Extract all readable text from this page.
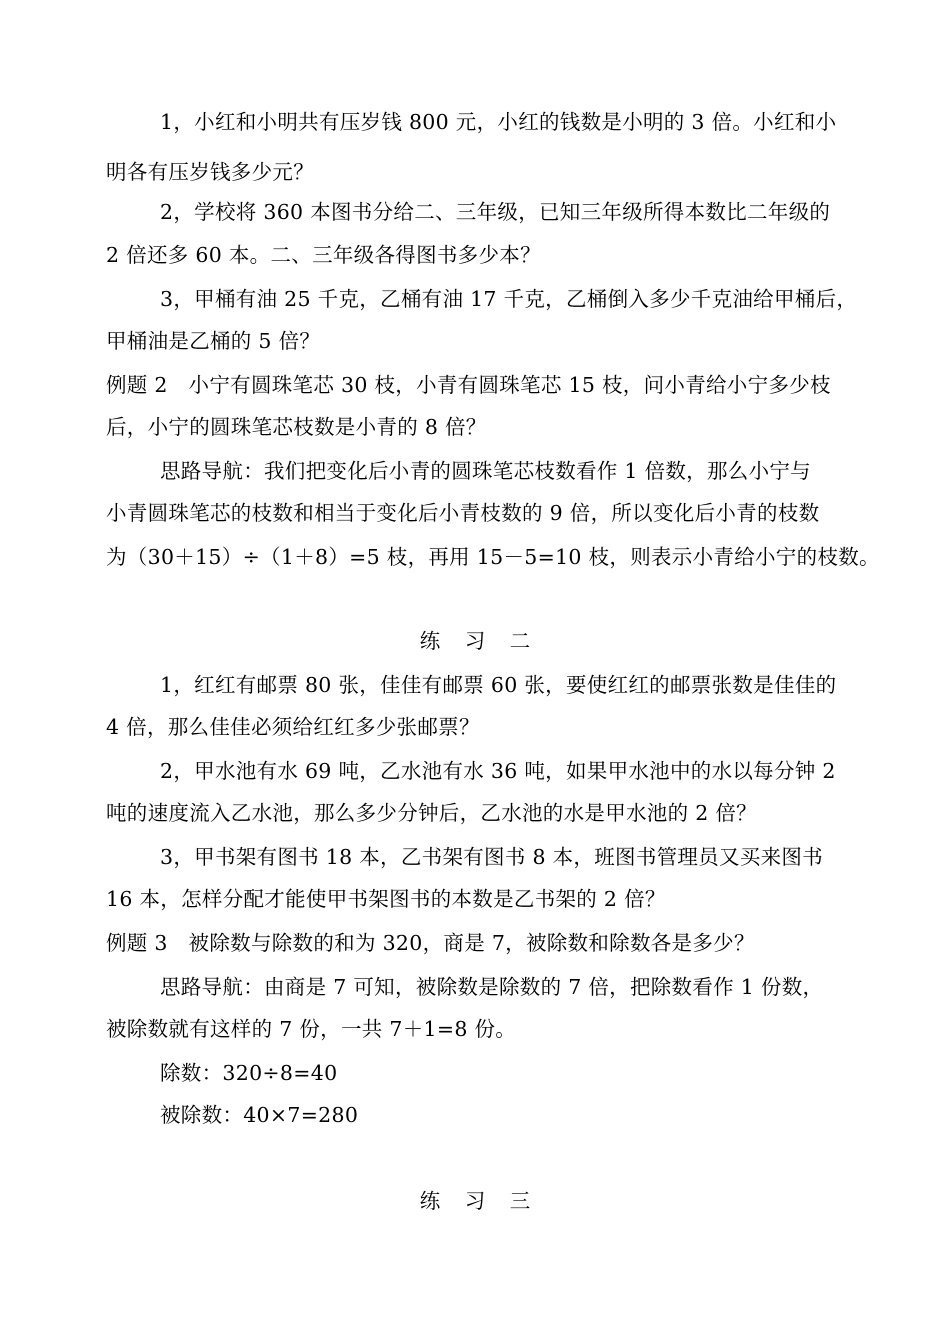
1，小红和小明共有压岁钱 800 元，小红的钱数是小明的 3 倍。小红和小
明各有压岁钱多少元？
2，学校将 360 本图书分给二、三年级，已知三年级所得本数比二年级的
2 倍还多 60 本。二、三年级各得图书多少本？
3，甲桶有油 25 千克，乙桶有油 17 千克，乙桶倒入多少千克油给甲桶后，
甲桶油是乙桶的 5 倍？
例题 2　小宁有圆珠笔芯 30 枝，小青有圆珠笔芯 15 枝，问小青给小宁多少枝
后，小宁的圆珠笔芯枝数是小青的 8 倍？
思路导航：我们把变化后小青的圆珠笔芯枝数看作 1 倍数，那么小宁与
小青圆珠笔芯的枝数和相当于变化后小青枝数的 9 倍，所以变化后小青的枝数
为（30＋15）÷（1＋8）=5 枝，再用 15－5=10 枝，则表示小青给小宁的枝数。
练 习 二
1，红红有邮票 80 张，佳佳有邮票 60 张，要使红红的邮票张数是佳佳的
4 倍，那么佳佳必须给红红多少张邮票？
2，甲水池有水 69 吨，乙水池有水 36 吨，如果甲水池中的水以每分钟 2
吨的速度流入乙水池，那么多少分钟后，乙水池的水是甲水池的 2 倍？
3，甲书架有图书 18 本，乙书架有图书 8 本，班图书管理员又买来图书
16 本，怎样分配才能使甲书架图书的本数是乙书架的 2 倍？
例题 3　被除数与除数的和为 320，商是 7，被除数和除数各是多少？
思路导航：由商是 7 可知，被除数是除数的 7 倍，把除数看作 1 份数，
被除数就有这样的 7 份，一共 7＋1=8 份。
除数：320÷8=40
被除数：40×7=280
练 习 三
